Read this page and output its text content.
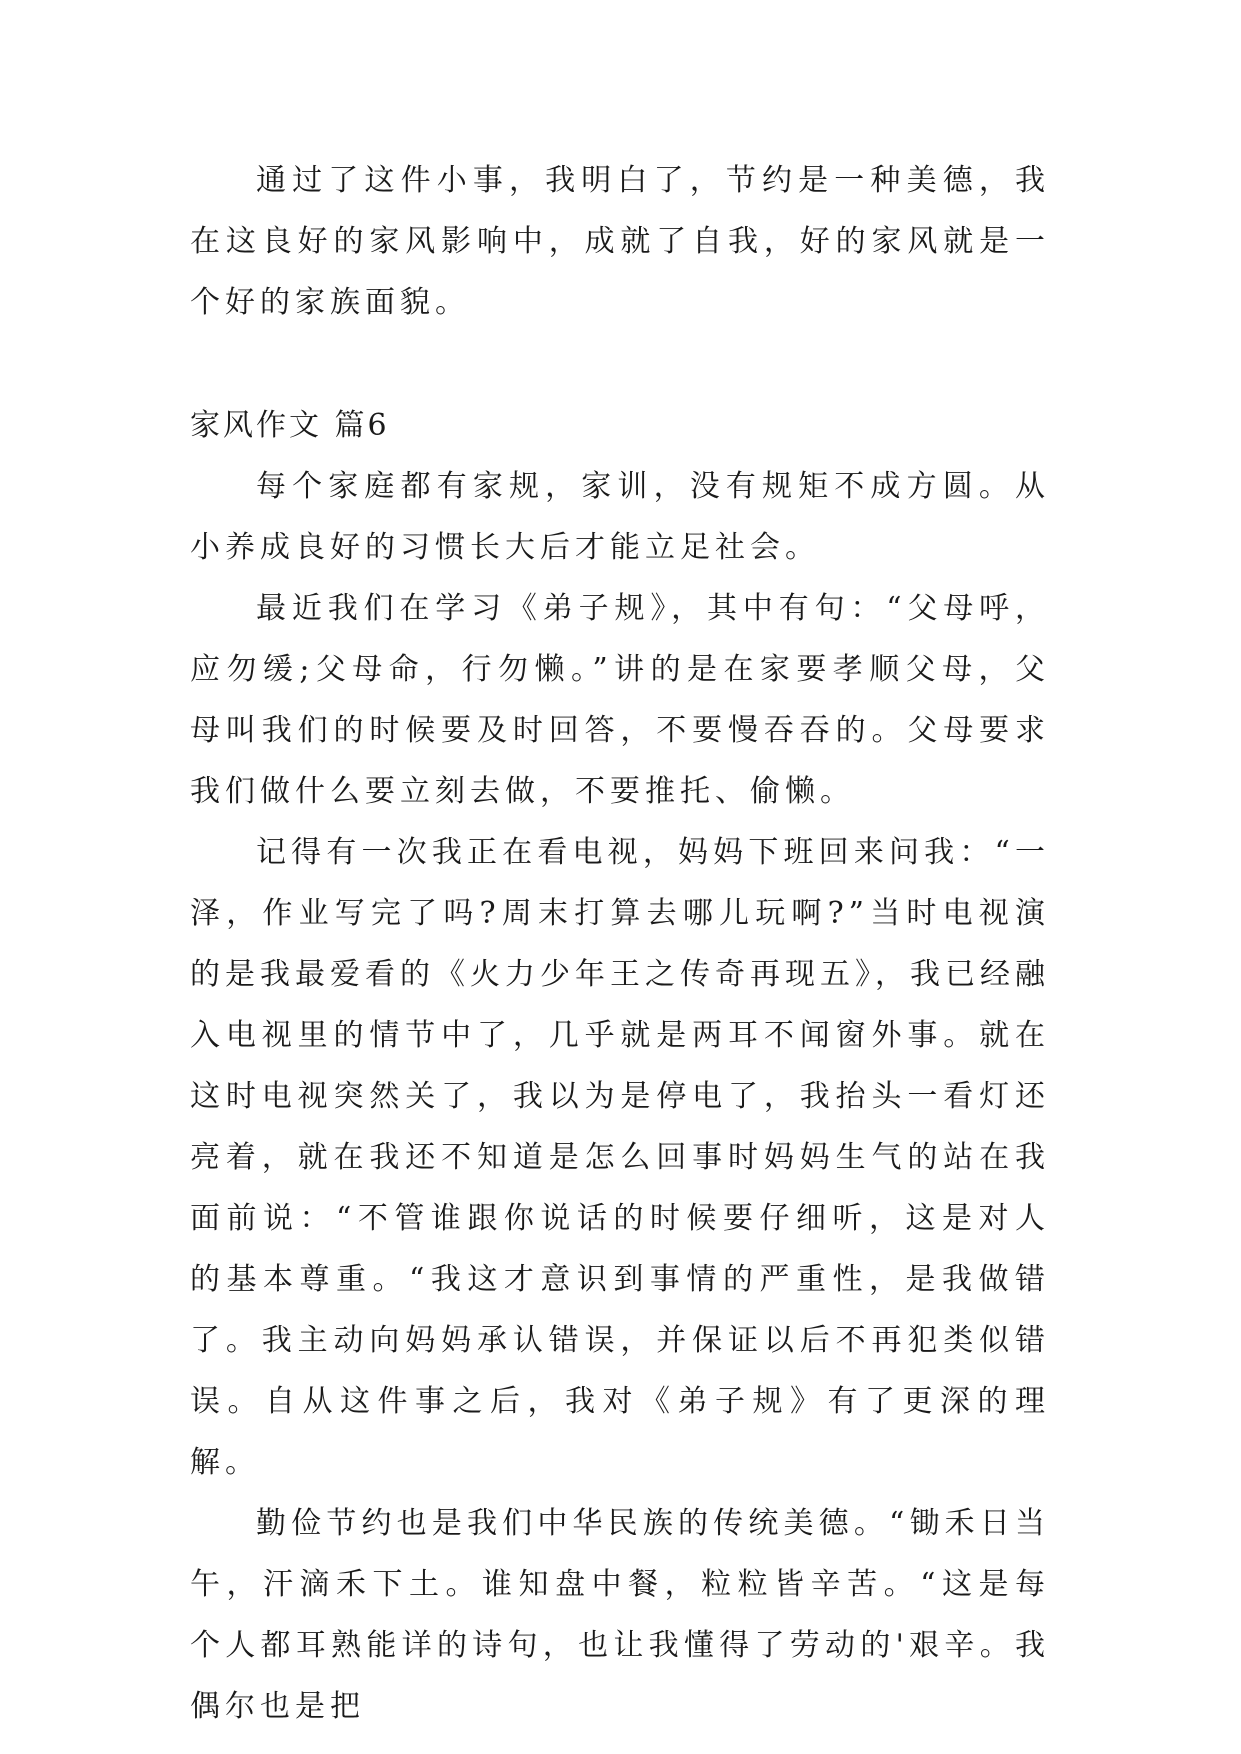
通过了这件小事，我明白了，节约是一种美德，我在这良好的家风影响中，成就了自我，好的家风就是一个好的家族面貌。

家风作文 篇6

每个家庭都有家规，家训，没有规矩不成方圆。从小养成良好的习惯长大后才能立足社会。

最近我们在学习《弟子规》，其中有句：“父母呼，应勿缓;父母命，行勿懒。”讲的是在家要孝顺父母，父母叫我们的时候要及时回答，不要慢吞吞的。父母要求我们做什么要立刻去做，不要推托、偷懒。

记得有一次我正在看电视，妈妈下班回来问我：“一泽，作业写完了吗?周末打算去哪儿玩啊?”当时电视演的是我最爱看的《火力少年王之传奇再现五》，我已经融入电视里的情节中了，几乎就是两耳不闻窗外事。就在这时电视突然关了，我以为是停电了，我抬头一看灯还亮着，就在我还不知道是怎么回事时妈妈生气的站在我面前说：“不管谁跟你说话的时候要仔细听，这是对人的基本尊重。“我这才意识到事情的严重性，是我做错了。我主动向妈妈承认错误，并保证以后不再犯类似错误。自从这件事之后，我对《弟子规》有了更深的理解。

勤俭节约也是我们中华民族的传统美德。“锄禾日当午，汗滴禾下土。谁知盘中餐，粒粒皆辛苦。“这是每个人都耳熟能详的诗句，也让我懂得了劳动的'艰辛。我偶尔也是把
